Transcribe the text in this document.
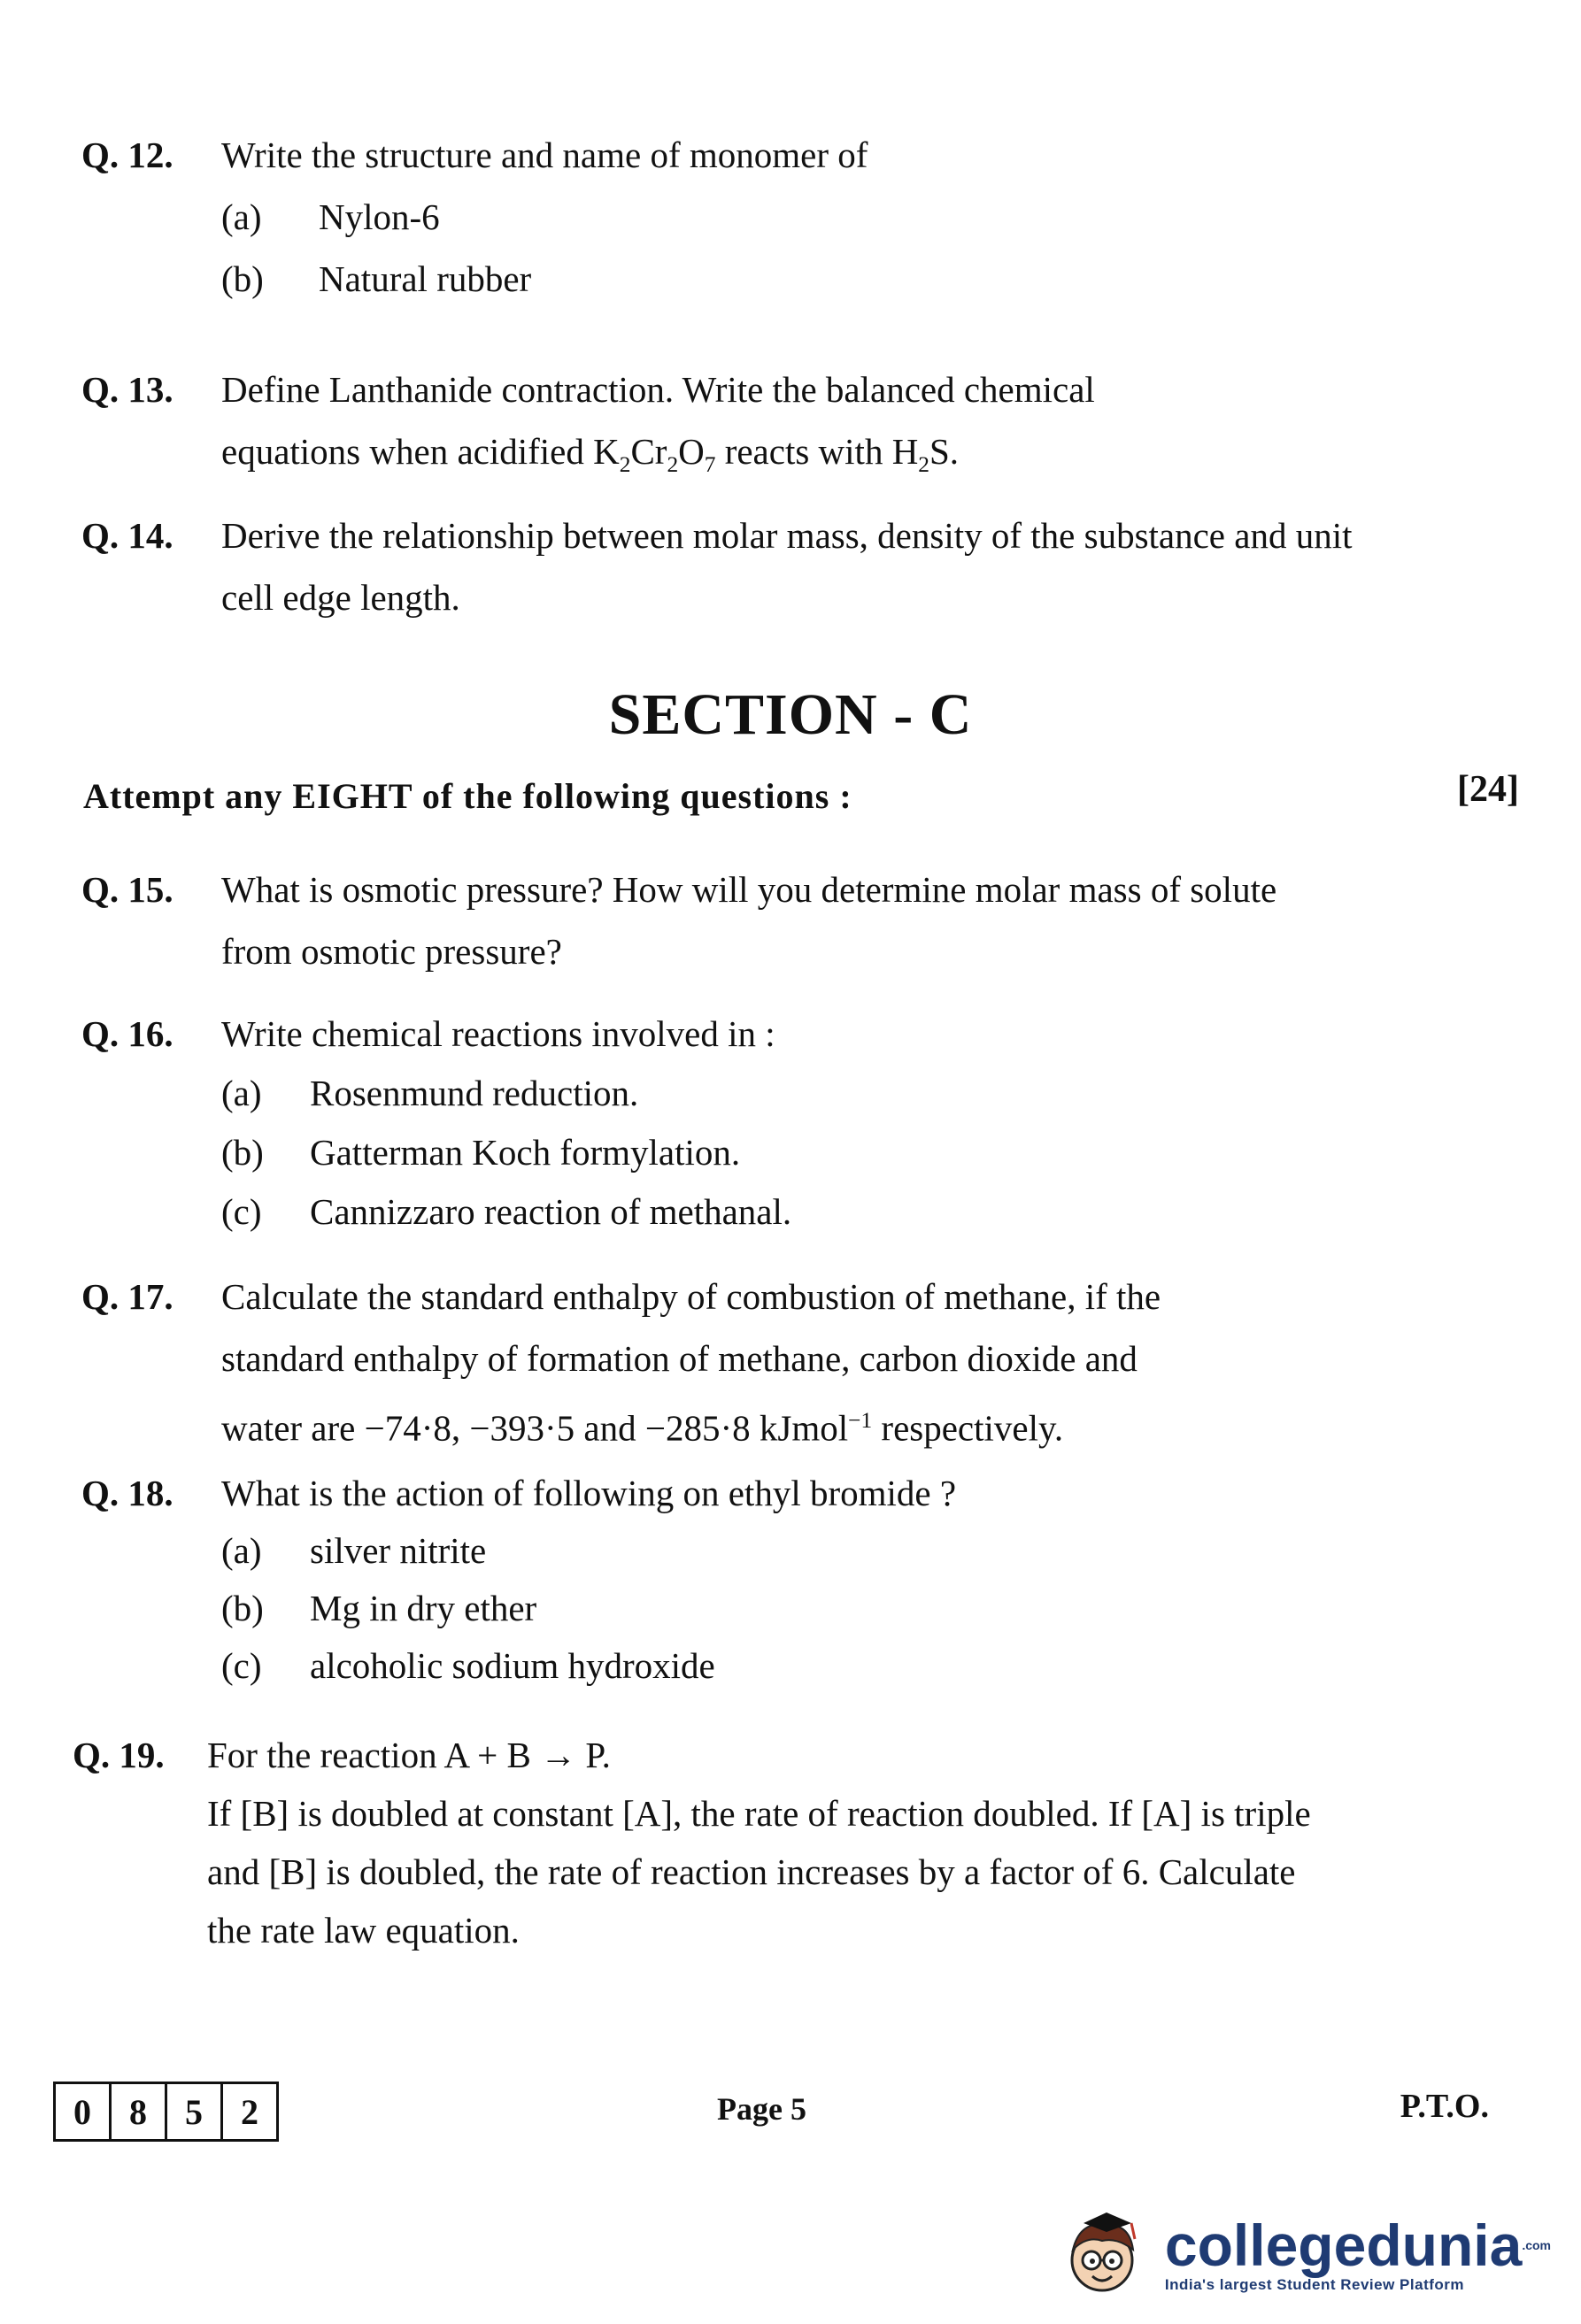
Q. 12. Write the structure and name of monomer of
(a)	Nylon-6
(b)	Natural rubber
Q. 13. Define Lanthanide contraction. Write the balanced chemical
equations when acidified $K_2Cr_2O_7$ reacts with $H_2S$.
Q. 14. Derive the relationship between molar mass, density of the substance and unit cell edge length.
SECTION - C
Attempt any EIGHT of the following questions :	[24]
Q. 15. What is osmotic pressure? How will you determine molar mass of solute from osmotic pressure?
Q. 16. Write chemical reactions involved in :
(a)	Rosenmund reduction.
(b)	Gatterman Koch formylation.
(c)	Cannizzaro reaction of methanal.
Q. 17. Calculate the standard enthalpy of combustion of methane, if the
standard enthalpy of formation of methane, carbon dioxide and
water are −74·8, −393·5 and −285·8 kJmol$^{-1}$ respectively.
Q. 18. What is the action of following on ethyl bromide ?
(a)	silver nitrite
(b)	Mg in dry ether
(c)	alcoholic sodium hydroxide
Q. 19. For the reaction A + B → P.
If [B] is doubled at constant [A], the rate of reaction doubled. If [A] is triple and [B] is doubled, the rate of reaction increases by a factor of 6. Calculate the rate law equation.
0	8	5	2	Page 5	P.T.O.
collegedunia$^{.com}$
India's largest Student Review Platform
